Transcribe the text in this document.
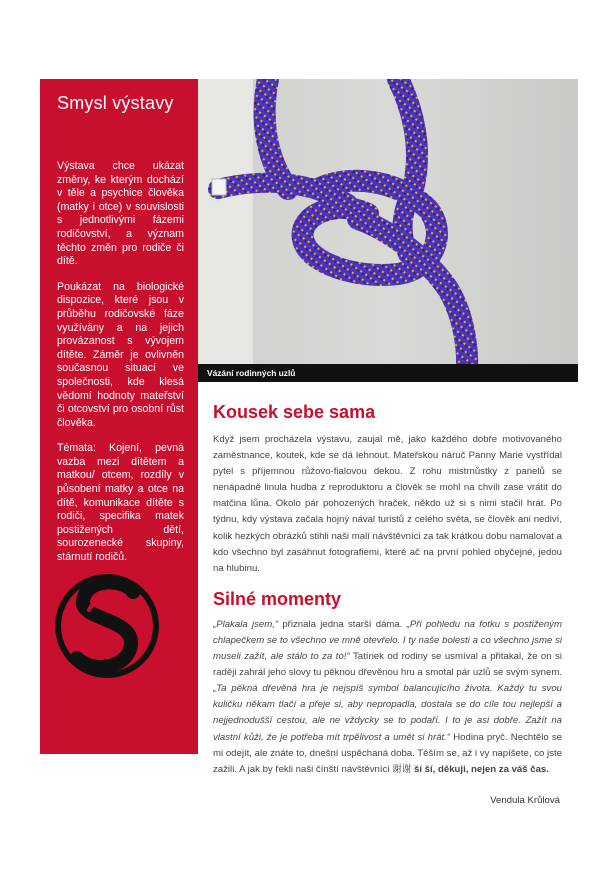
Smysl výstavy

Výstava chce ukázat změny, ke kterým dochází v těle a psychice člověka (matky i otce) v souvislosti s jednotlivými fázemi rodičovství, a význam těchto změn pro rodiče či dítě.

Poukázat na biologické dispozice, které jsou v průběhu rodičovské fáze využívány a na jejich provázanost s vývojem dítěte. Záměr je ovlivněn současnou situací ve společnosti, kde klesá vědomí hodnoty mateřství či otcovství pro osobní růst člověka.

Témata: Kojení, pevná vazba mezi dítětem a matkou/ otcem, rozdíly v působení matky a otce na dítě, komunikace dítěte s rodiči, specifika matek postižených dětí, sourozenecké skupiny, stárnutí rodičů.

Vázání rodinných uzlů
Kousek sebe sama

Když jsem procházela výstavu, zaujal mě, jako každého dobře motivovaného zaměstnance, koutek, kde se dá lehnout. Mateřskou náruč Panny Marie vystřídal pytel s příjemnou růžovo-fialovou dekou. Z rohu mistrnůstky z panelů se nenápadně linula hudba z reproduktoru a člověk se mohl na chvíli zase vrátit do matčina lůna. Okolo pár pohozených hraček, někdo už si s nimi stačil hrát. Po týdnu, kdy výstava začala hojný nával turistů z celého světa, se člověk ani nediví, kolik hezkých obrázků stihli naši malí návštěvníci za tak krátkou dobu namalovat a kdo všechno byl zasáhnut fotografiemi, které ač na první pohled obyčejné, jedou na hlubinu.

Silné momenty

„Plakala jsem,“ přiznala jedna starší dáma. „Při pohledu na fotku s postiženým chlapečkem se to všechno ve mně otevřelo. I ty naše bolesti a co všechno jsme si museli zažít, ale stálo to za to!“ Tatínek od rodiny se usmíval a přitakal, že on si raději zahrál jeho slovy tu pěknou dřevěnou hru a smotal pár uzlů se svým synem. „Ta pěkná dřevěná hra je nejspíš symbol balancujícího života. Každý tu svou kuličku někam tlačí a přeje si, aby nepropadla, dostala se do cíle tou nejlepší a nejjednodušší cestou, ale ne vždycky se to podaří. I to je asi dobře. Zažít na vlastní kůži, že je potřeba mít trpělivost a umět si hrát.“ Hodina pryč. Nechtělo se mi odejít, ale znáte to, dnešní uspěchaná doba. Těším se, až i vy napíšete, co jste zažili. A jak by řekli naši čínští návštěvníci 谢谢 ší ší, děkuji, nejen za váš čas.

Vendula Krůlová
